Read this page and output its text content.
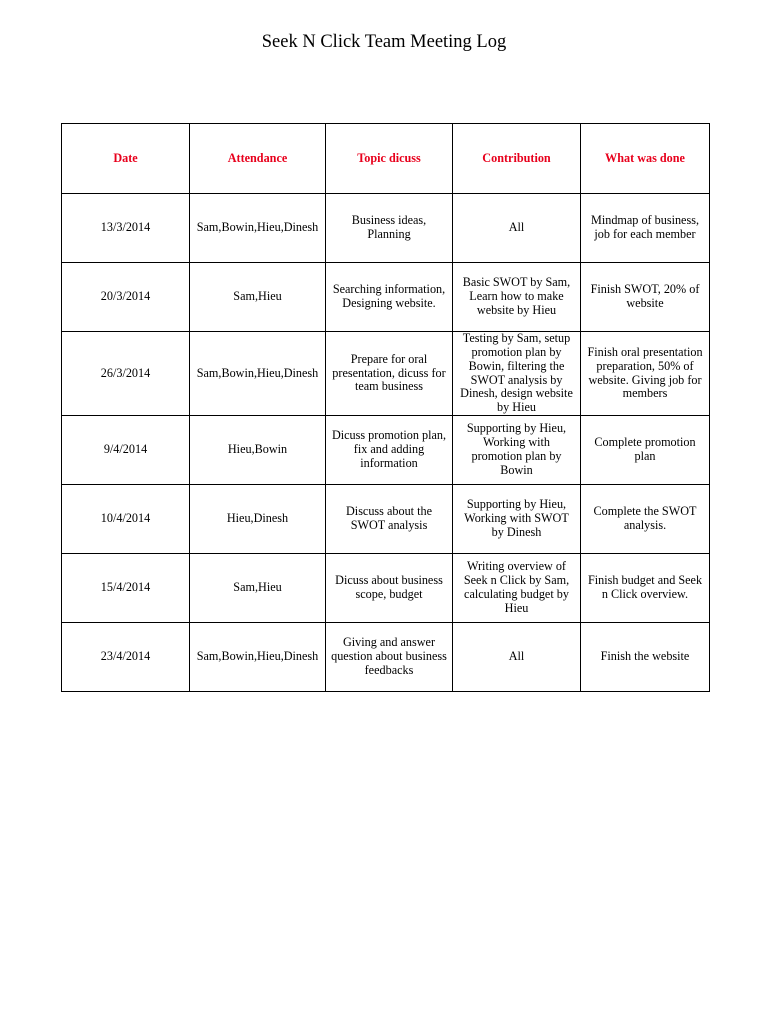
Seek N Click Team Meeting Log
Date	Attendance	Topic dicuss	Contribution	What was done
13/3/2014	Sam,Bowin,Hieu,Dinesh	Business ideas, Planning	All	Mindmap of business, job for each member
20/3/2014	Sam,Hieu	Searching information, Designing website.	Basic SWOT by Sam, Learn how to make website by Hieu	Finish SWOT, 20% of website
26/3/2014	Sam,Bowin,Hieu,Dinesh	Prepare for oral presentation, dicuss for team business	Testing by Sam, setup promotion plan by Bowin, filtering the SWOT analysis by Dinesh, design website by Hieu	Finish oral presentation preparation, 50% of website. Giving job for members
9/4/2014	Hieu,Bowin	Dicuss promotion plan, fix and adding information	Supporting by Hieu, Working with promotion plan by Bowin	Complete promotion plan
10/4/2014	Hieu,Dinesh	Discuss about the SWOT analysis	Supporting by Hieu, Working with SWOT by Dinesh	Complete the SWOT analysis.
15/4/2014	Sam,Hieu	Dicuss about business scope, budget	Writing overview of Seek n Click by Sam, calculating budget by Hieu	Finish budget and Seek n Click overview.
23/4/2014	Sam,Bowin,Hieu,Dinesh	Giving and answer question about business feedbacks	All	Finish the website
